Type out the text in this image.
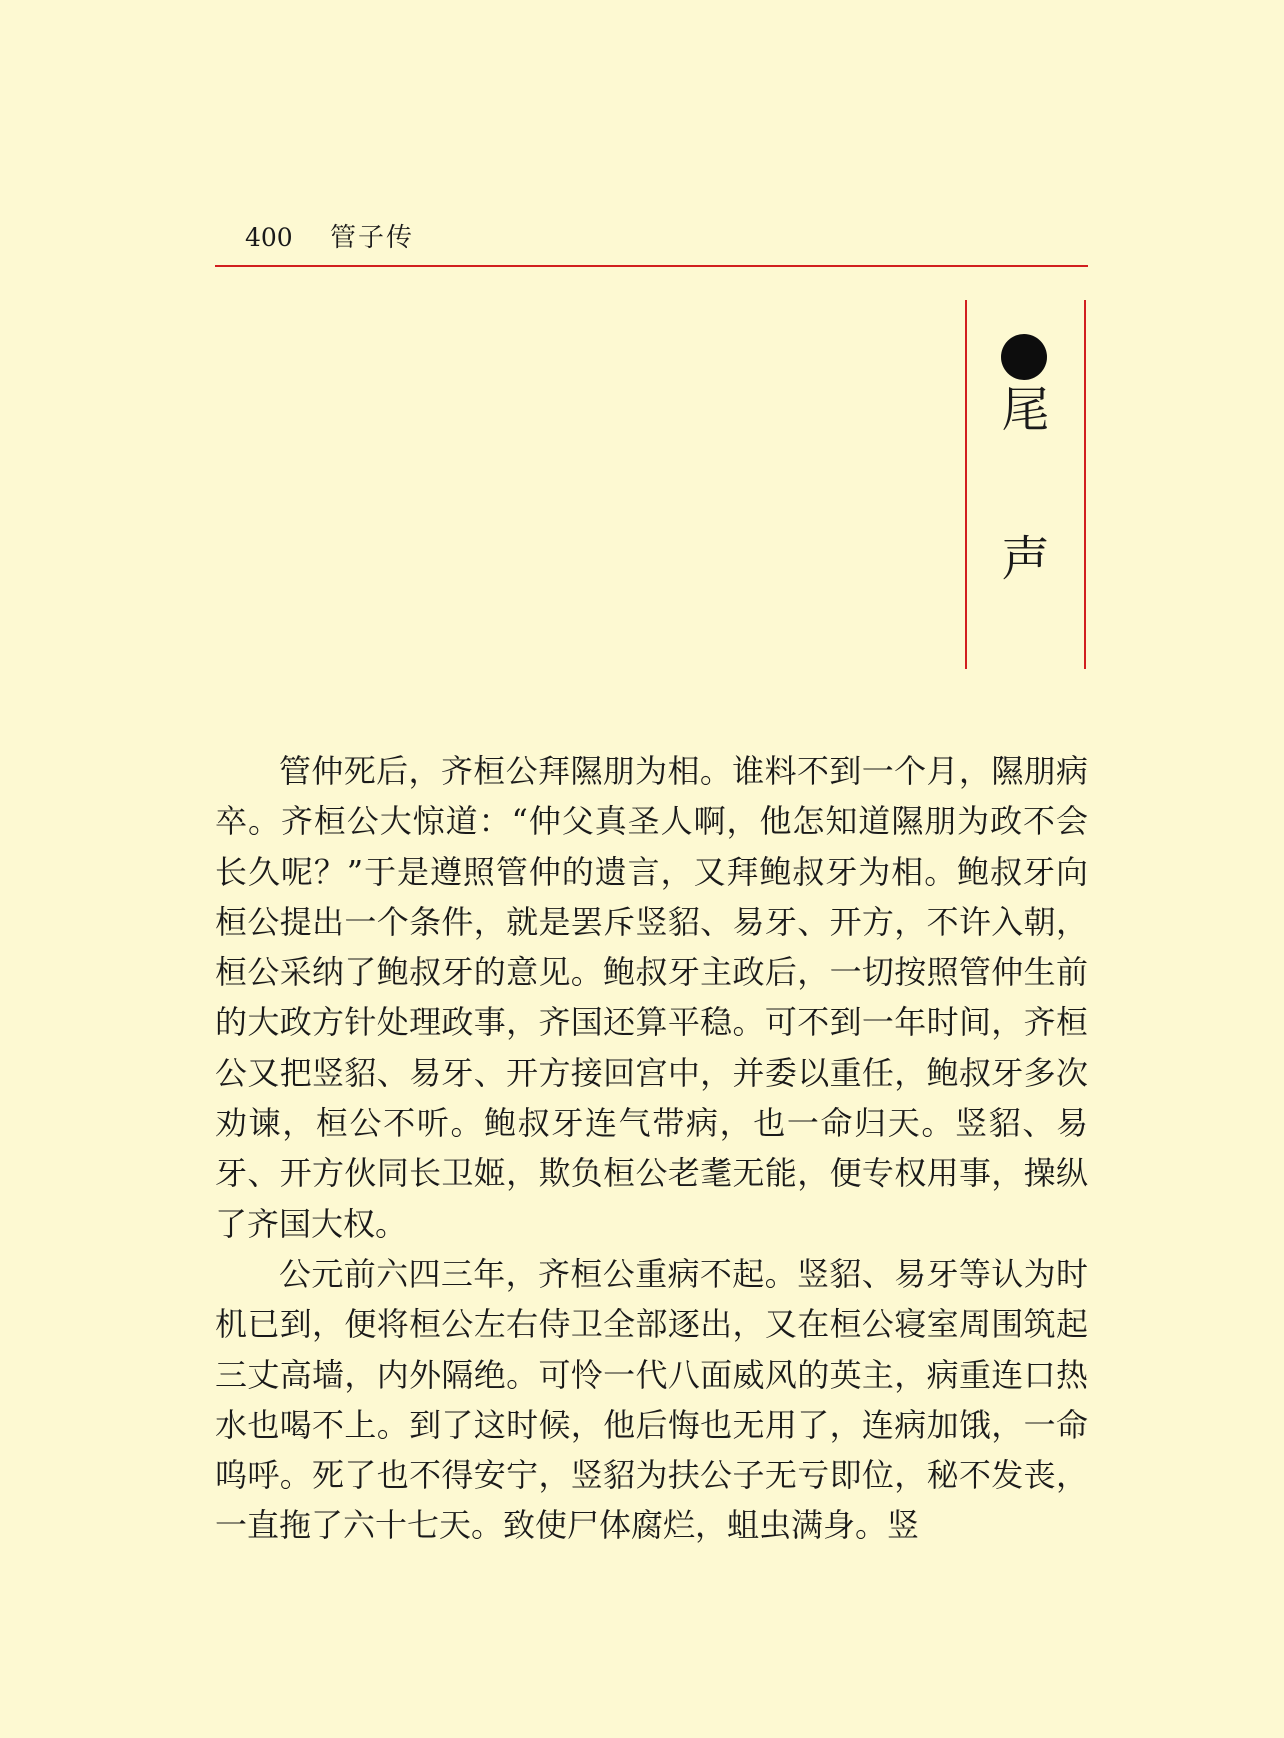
400 管子传
尾
声

管仲死后，齐桓公拜隰朋为相。谁料不到一个月，隰朋病卒。齐桓公大惊道：“仲父真圣人啊，他怎知道隰朋为政不会长久呢？”于是遵照管仲的遗言，又拜鲍叔牙为相。鲍叔牙向桓公提出一个条件，就是罢斥竖貂、易牙、开方，不许入朝，桓公采纳了鲍叔牙的意见。鲍叔牙主政后，一切按照管仲生前的大政方针处理政事，齐国还算平稳。可不到一年时间，齐桓公又把竖貂、易牙、开方接回宫中，并委以重任，鲍叔牙多次劝谏，桓公不听。鲍叔牙连气带病，也一命归天。竖貂、易牙、开方伙同长卫姬，欺负桓公老耄无能，便专权用事，操纵了齐国大权。

公元前六四三年，齐桓公重病不起。竖貂、易牙等认为时机已到，便将桓公左右侍卫全部逐出，又在桓公寝室周围筑起三丈高墙，内外隔绝。可怜一代八面威风的英主，病重连口热水也喝不上。到了这时候，他后悔也无用了，连病加饿，一命呜呼。死了也不得安宁，竖貂为扶公子无亏即位，秘不发丧，一直拖了六十七天。致使尸体腐烂，蛆虫满身。竖
